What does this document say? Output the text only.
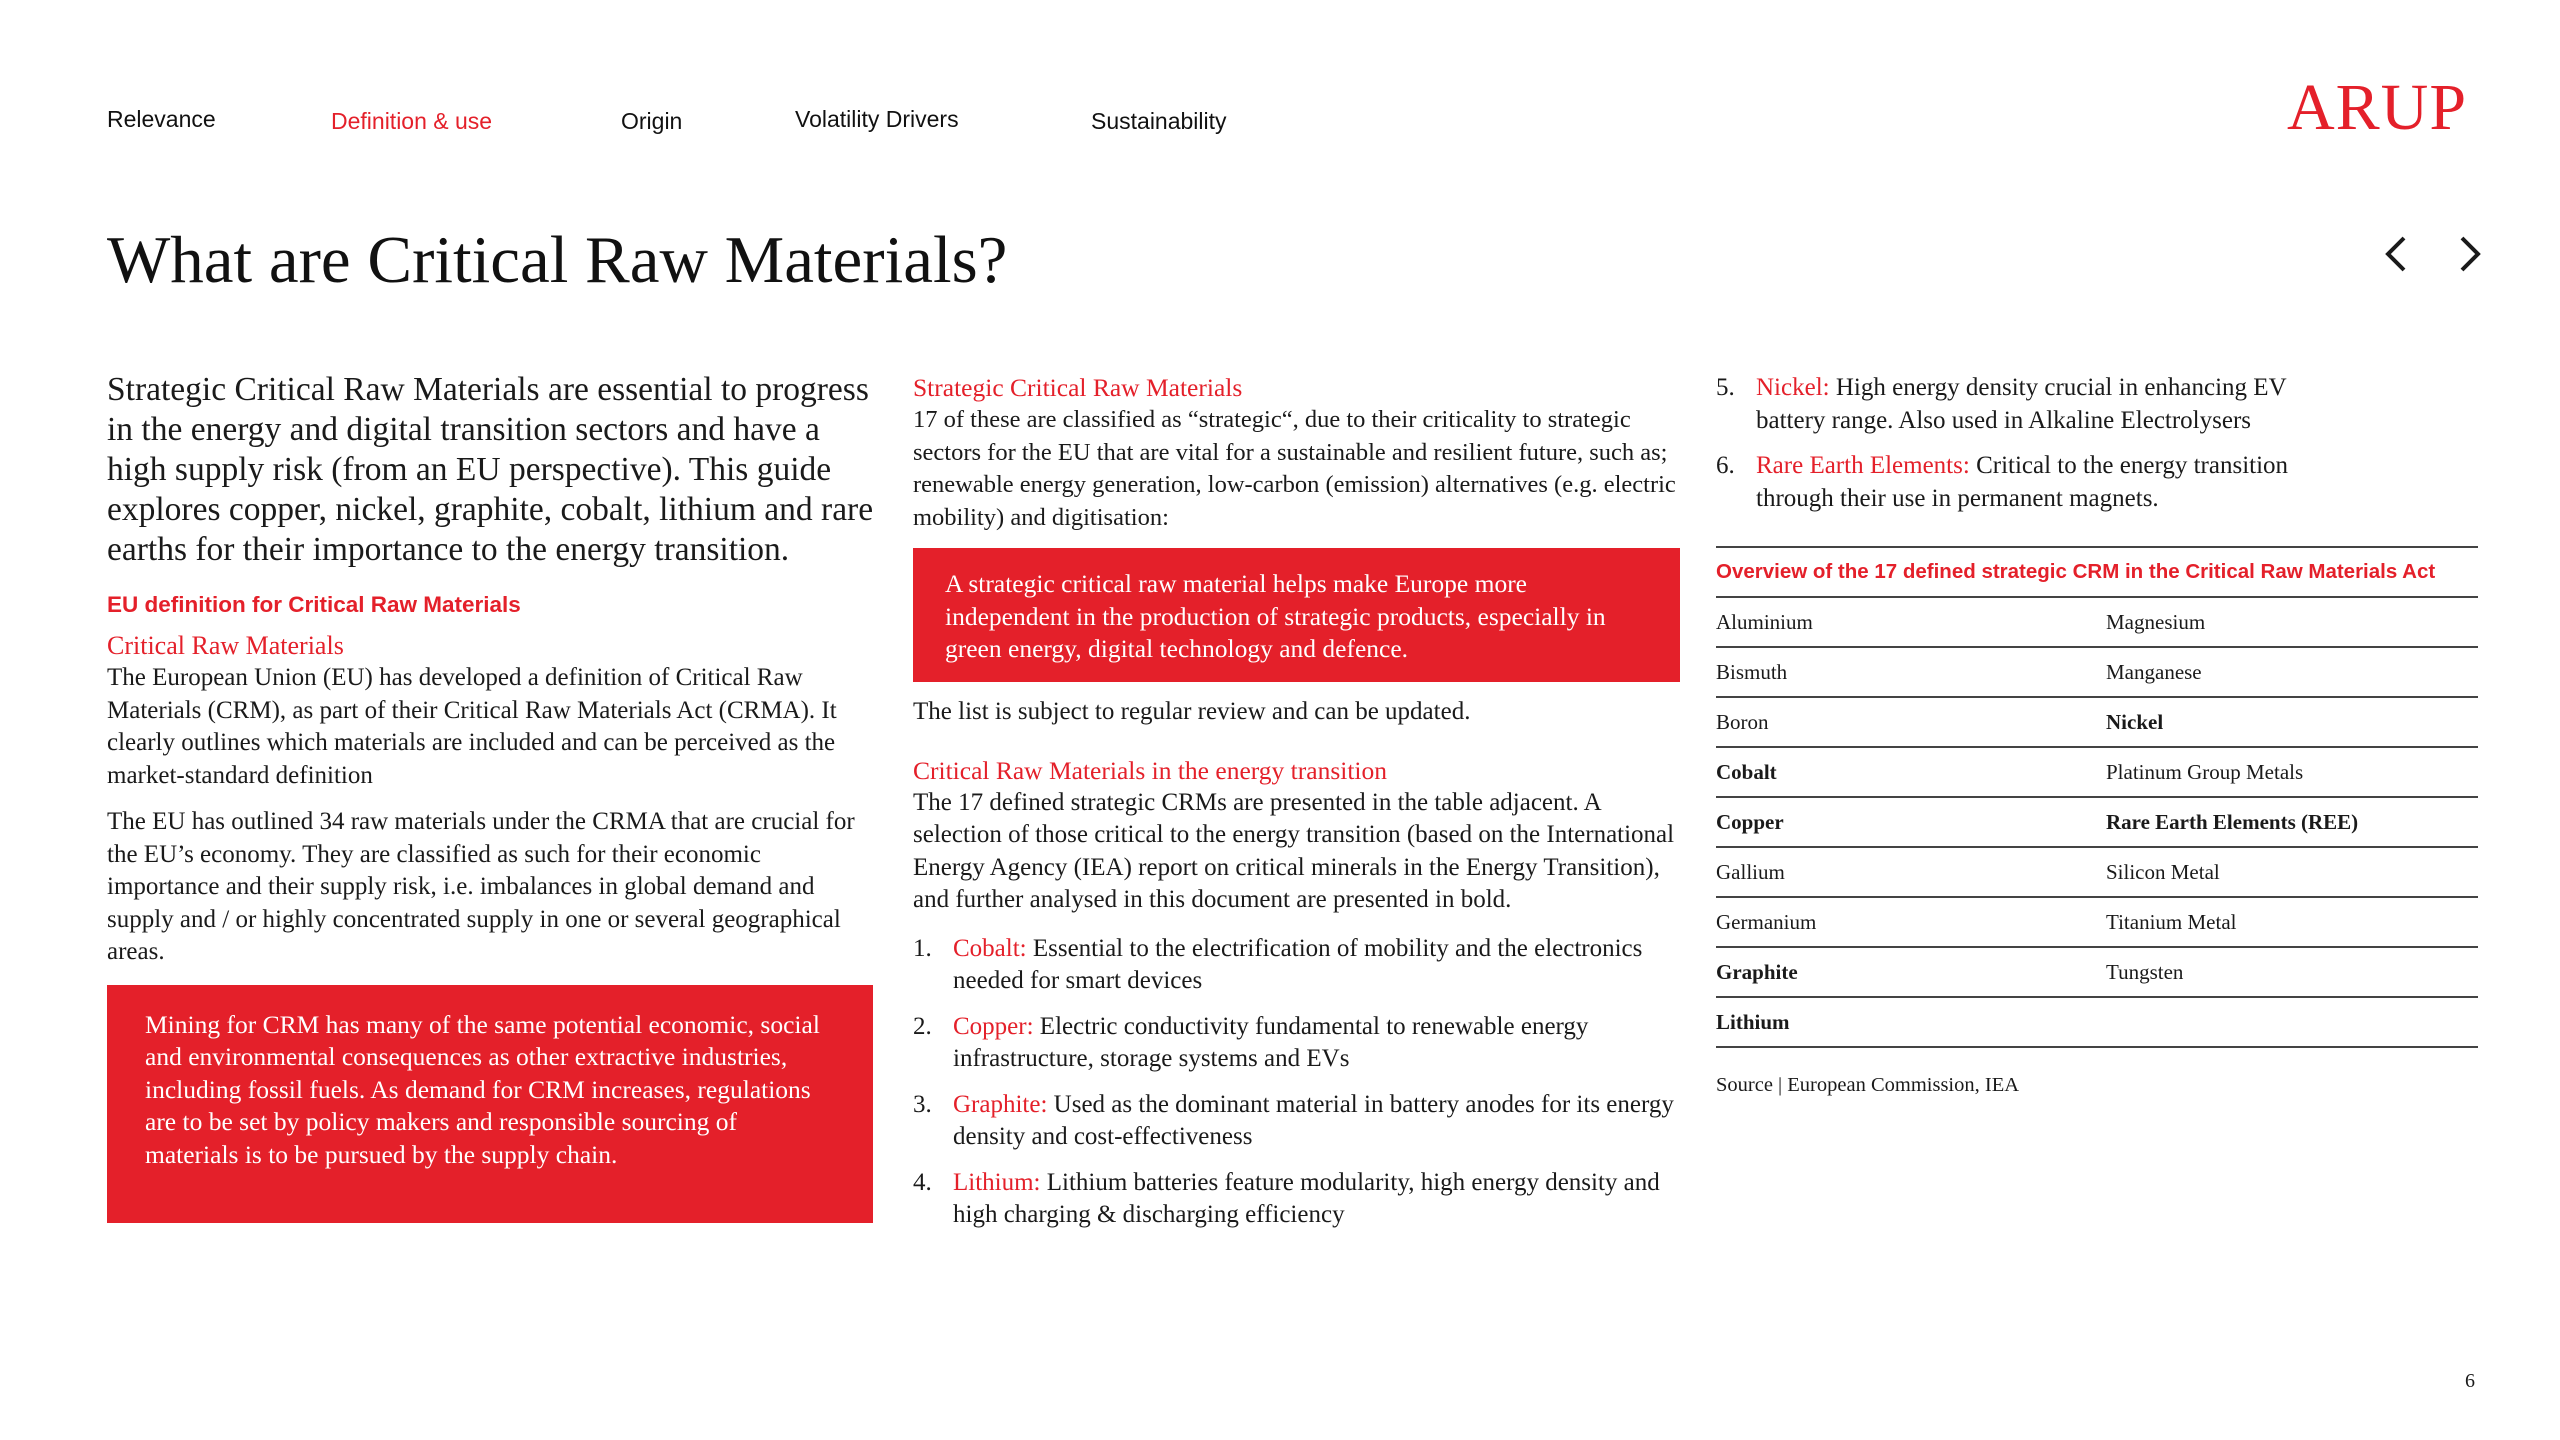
Relevance	Definition & use	Origin	Volatility Drivers	Sustainability	ARUP
What are Critical Raw Materials?

Strategic Critical Raw Materials are essential to progress in the energy and digital transition sectors and have a high supply risk (from an EU perspective). This guide explores copper, nickel, graphite, cobalt, lithium and rare earths for their importance to the energy transition.

EU definition for Critical Raw Materials
Critical Raw Materials

The European Union (EU) has developed a definition of Critical Raw Materials (CRM), as part of their Critical Raw Materials Act (CRMA). It clearly outlines which materials are included and can be perceived as the market-standard definition

The EU has outlined 34 raw materials under the CRMA that are crucial for the EU’s economy. They are classified as such for their economic importance and their supply risk, i.e. imbalances in global demand and supply and / or highly concentrated supply in one or several geographical areas.

Mining for CRM has many of the same potential economic, social and environmental consequences as other extractive industries, including fossil fuels. As demand for CRM increases, regulations are to be set by policy makers and responsible sourcing of materials is to be pursued by the supply chain.
Strategic Critical Raw Materials

17 of these are classified as “strategic“, due to their criticality to strategic sectors for the EU that are vital for a sustainable and resilient future, such as; renewable energy generation, low-carbon (emission) alternatives (e.g. electric mobility) and digitisation:

A strategic critical raw material helps make Europe more independent in the production of strategic products, especially in green energy, digital technology and defence.

The list is subject to regular review and can be updated.

Critical Raw Materials in the energy transition

The 17 defined strategic CRMs are presented in the table adjacent. A selection of those critical to the energy transition (based on the International Energy Agency (IEA) report on critical minerals in the Energy Transition), and further analysed in this document are presented in bold.

1. Cobalt: Essential to the electrification of mobility and the electronics needed for smart devices
2. Copper: Electric conductivity fundamental to renewable energy infrastructure, storage systems and EVs
3. Graphite: Used as the dominant material in battery anodes for its energy density and cost-effectiveness
4. Lithium: Lithium batteries feature modularity, high energy density and high charging & discharging efficiency
5. Nickel: High energy density crucial in enhancing EV battery range. Also used in Alkaline Electrolysers
6. Rare Earth Elements: Critical to the energy transition through their use in permanent magnets.
Overview of the 17 defined strategic CRM in the Critical Raw Materials Act
Aluminium	Magnesium
Bismuth	Manganese
Boron	Nickel
Cobalt	Platinum Group Metals
Copper	Rare Earth Elements (REE)
Gallium	Silicon Metal
Germanium	Titanium Metal
Graphite	Tungsten
Lithium	
Source | European Commission, IEA
6
